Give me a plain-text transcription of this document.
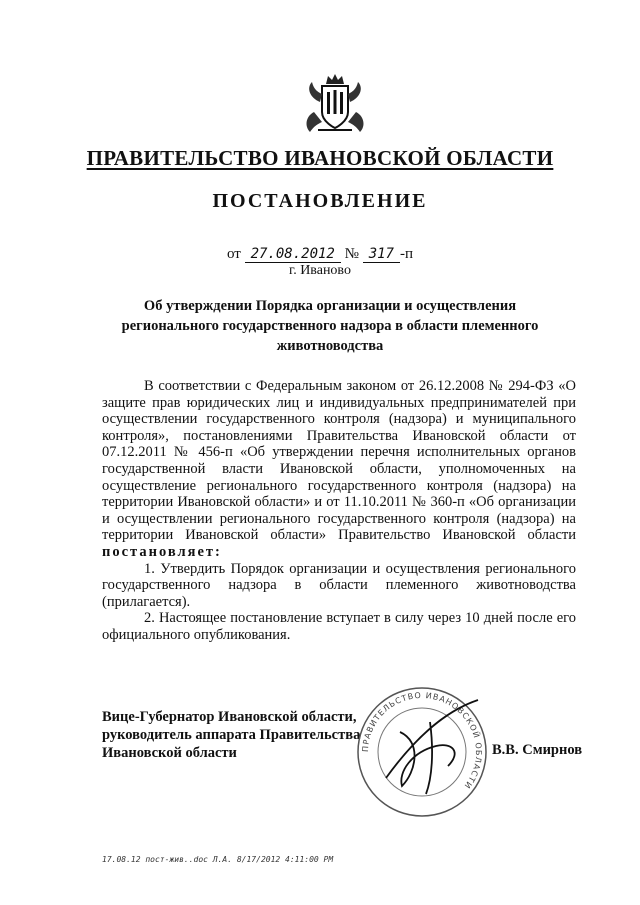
ПРАВИТЕЛЬСТВО ИВАНОВСКОЙ ОБЛАСТИ
ПОСТАНОВЛЕНИЕ
от 27.08.2012 № 317 -п
г. Иваново
Об утверждении Порядка организации и осуществления регионального государственного надзора в области племенного животноводства

В соответствии с Федеральным законом от 26.12.2008 № 294-ФЗ «О защите прав юридических лиц и индивидуальных предпринимателей при осуществлении государственного контроля (надзора) и муниципального контроля», постановлениями Правительства Ивановской области от 07.12.2011 № 456-п «Об утверждении перечня исполнительных органов государственной власти Ивановской области, уполномоченных на осуществление регионального государственного контроля (надзора) на территории Ивановской области» и от 11.10.2011 № 360-п «Об организации и осуществлении регионального государственного контроля (надзора) на территории Ивановской области» Правительство Ивановской области постановляет:

1. Утвердить Порядок организации и осуществления регионального государственного надзора в области племенного животноводства (прилагается).

2. Настоящее постановление вступает в силу через 10 дней после его официального опубликования.

Вице-Губернатор Ивановской области,
руководитель аппарата Правительства
Ивановской области	ПРАВИТЕЛЬСТВО ИВАНОВСКОЙ ОБЛАСТИ
В.В. Смирнов
17.08.12 пост-жив..doc Л.А. 8/17/2012 4:11:00 PM
